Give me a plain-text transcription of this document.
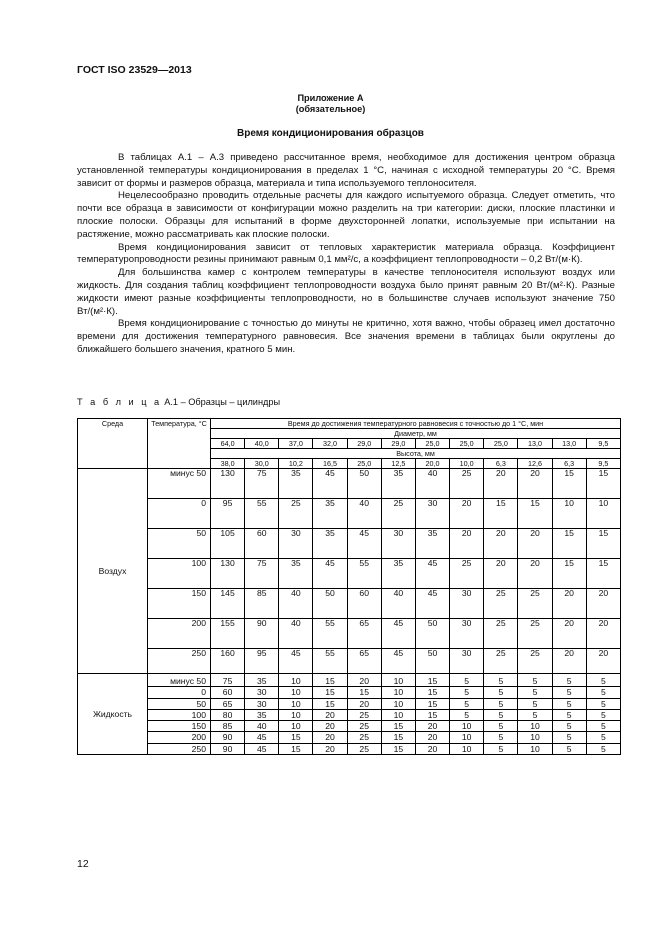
ГОСТ ISO 23529—2013
Приложение А
(обязательное)
Время кондиционирования образцов

В таблицах А.1 – А.3 приведено рассчитанное время, необходимое для достижения центром образца установленной температуры кондиционирования в пределах 1 °С, начиная с исходной температуры 20 °С. Время зависит от формы и размеров образца, материала и типа используемого теплоносителя.

Нецелесообразно проводить отдельные расчеты для каждого испытуемого образца. Следует отметить, что почти все образца в зависимости от конфигурации можно разделить на три категории: диски, плоские пластинки и плоские полоски. Образцы для испытаний в форме двухсторонней лопатки, используемые при испытании на растяжение, можно рассматривать как плоские полоски.

Время кондиционирования зависит от тепловых характеристик материала образца. Коэффициент температуропроводности резины принимают равным 0,1 мм²/с, а коэффициент теплопроводности – 0,2 Вт/(м·К).

Для большинства камер с контролем температуры в качестве теплоносителя используют воздух или жидкость. Для создания таблиц коэффициент теплопроводности воздуха было принят равным 20 Вт/(м²·К). Разные жидкости имеют разные коэффициенты теплопроводности, но в большинстве случаев используют значение 750 Вт/(м²·К).

Время кондиционирование с точностью до минуты не критично, хотя важно, чтобы образец имел достаточно времени для достижения температурного равновесия. Все значения времени в таблицах были округлены до ближайшего большего значения, кратного 5 мин.

Т а б л и ц а А.1 – Образцы – цилиндры
Среда	Температура, °С	Время до достижения температурного равновесия с точностью до 1 °С, мин											
		Диаметр, мм											
		64,0	40,0	37,0	32,0	29,0	29,0	25,0	25,0	25,0	13,0	13,0	9,5
		Высота, мм											
		38,0	30,0	10,2	16,5	25,0	12,5	20,0	10,0	6,3	12,6	6,3	9,5
Воздух	минус 50	130	75	35	45	50	35	40	25	20	20	15	15
	0	95	55	25	35	40	25	30	20	15	15	10	10
	50	105	60	30	35	45	30	35	20	20	20	15	15
	100	130	75	35	45	55	35	45	25	20	20	15	15
	150	145	85	40	50	60	40	45	30	25	25	20	20
	200	155	90	40	55	65	45	50	30	25	25	20	20
	250	160	95	45	55	65	45	50	30	25	25	20	20
Жидкость	минус 50	75	35	10	15	20	10	15	5	5	5	5	5
	0	60	30	10	15	15	10	15	5	5	5	5	5
	50	65	30	10	15	20	10	15	5	5	5	5	5
	100	80	35	10	20	25	10	15	5	5	5	5	5
	150	85	40	10	20	25	15	20	10	5	10	5	5
	200	90	45	15	20	25	15	20	10	5	10	5	5
	250	90	45	15	20	25	15	20	10	5	10	5	5
12
